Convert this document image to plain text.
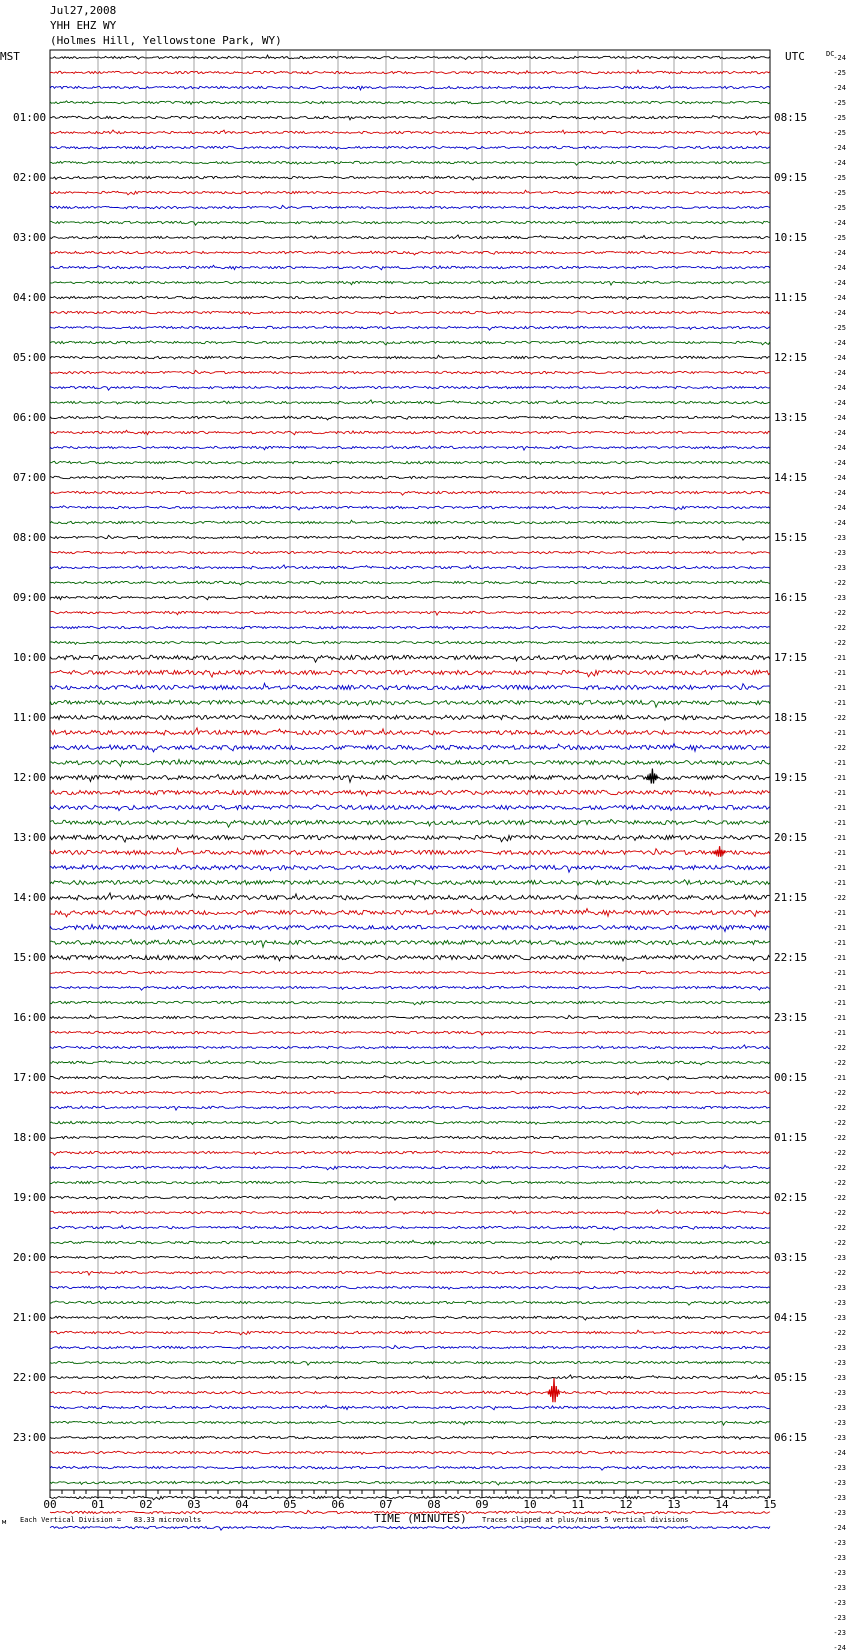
Jul27,2008
YHH EHZ WY
(Holmes Hill, Yellowstone Park, WY)
MST	UTC	DC
00	01	02	03	04	05	06	07	08	09	10	11	12	13	14	15
01:00
02:00
03:00
04:00
05:00
06:00
07:00
08:00
09:00
10:00
11:00
12:00
13:00
14:00
15:00
16:00
17:00
18:00
19:00
20:00
21:00
22:00
23:00
08:15
09:15
10:15
11:15
12:15
13:15
14:15
15:15
16:15
17:15
18:15
19:15
20:15
21:15
22:15
23:15
00:15
01:15
02:15
03:15
04:15
05:15
06:15
-24
-25
-24
-25
-25
-25
-24
-24
-25
-25
-25
-24
-25
-24
-24
-24
-24
-24
-25
-24
-24
-24
-24
-24
-24
-24
-24
-24
-24
-24
-24
-24
-23
-23
-23
-22
-23
-22
-22
-22
-21
-21
-21
-21
-22
-21
-22
-21
-21
-21
-21
-21
-21
-21
-21
-21
-22
-21
-21
-21
-21
-21
-21
-21
-21
-21
-22
-22
-21
-22
-22
-22
-22
-22
-22
-22
-22
-22
-22
-22
-23
-22
-23
-23
-23
-22
-23
-23
-23
-23
-23
-23
-23
-24
-23
-23
-23
-23
-24
-23
-23
-23
-23
-23
-23
-23
-24
м Each Vertical Division =   83.33 microvolts	TIME (MINUTES) Traces clipped at plus/minus 5 vertical divisions
